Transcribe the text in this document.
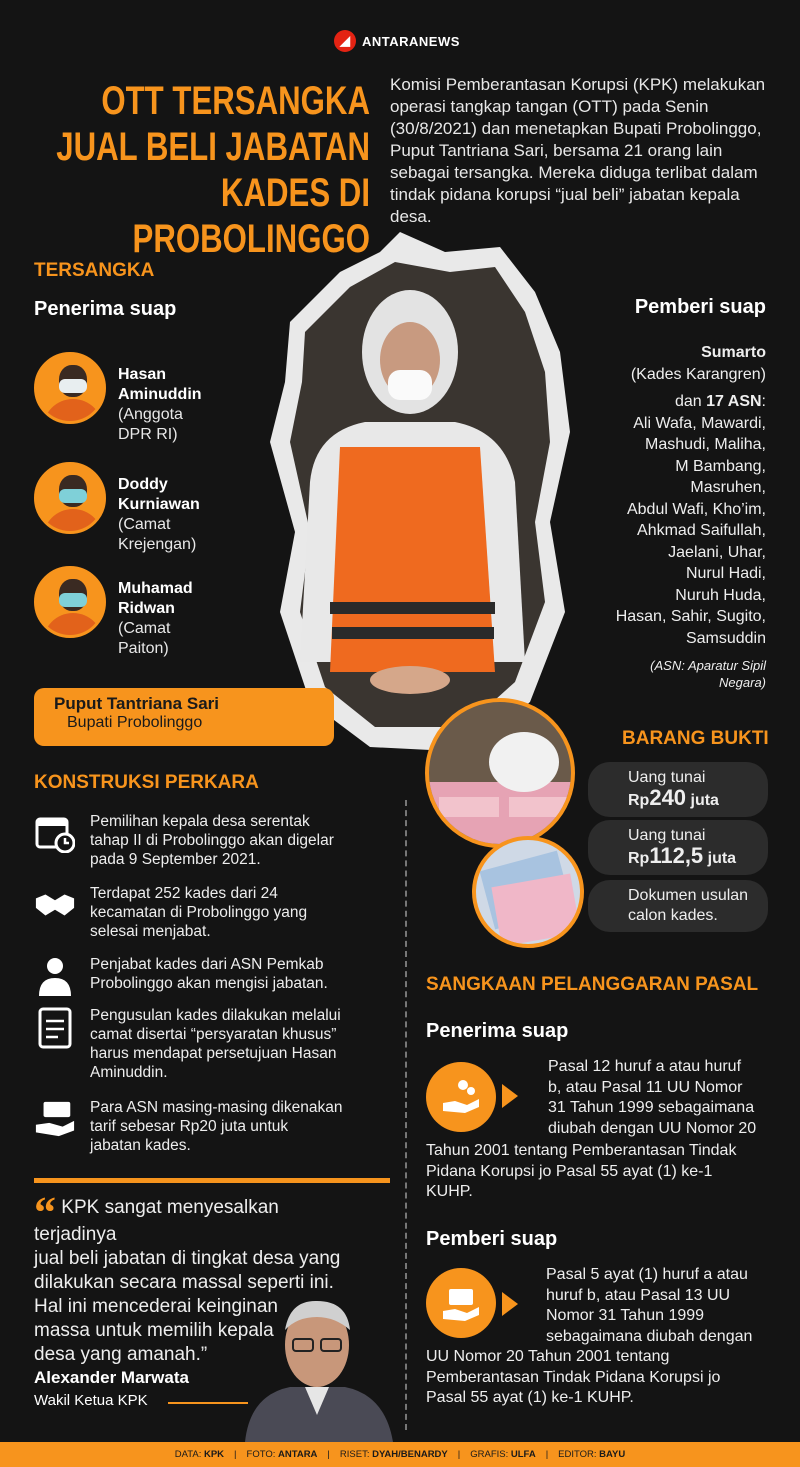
◢ ANTARANEWS
OTT TERSANGKA
JUAL BELI JABATAN
KADES DI PROBOLINGGO
Komisi Pemberantasan Korupsi (KPK) melakukan operasi tangkap tangan (OTT) pada Senin (30/8/2021) dan menetapkan Bupati Probolinggo, Puput Tantriana Sari, bersama 21 orang lain sebagai tersangka. Mereka diduga terlibat dalam tindak pidana korupsi “jual beli” jabatan kepala desa.
TERSANGKA
Penerima suap
Hasan
Aminuddin
(Anggota
DPR RI)
Doddy
Kurniawan
(Camat
Krejengan)
Muhamad
Ridwan
(Camat
Paiton)
Puput Tantriana Sari
Bupati Probolinggo
Pemberi suap
Sumarto
(Kades Karangren)
dan 17 ASN:
Ali Wafa, Mawardi,
Mashudi, Maliha,
M Bambang,
Masruhen,
Abdul Wafi, Kho’im,
Ahkmad Saifullah,
Jaelani, Uhar,
Nurul Hadi,
Nuruh Huda,
Hasan, Sahir, Sugito,
Samsuddin
(ASN: Aparatur Sipil
Negara)
KONSTRUKSI PERKARA
Pemilihan kepala desa serentak
tahap II di Probolinggo akan digelar
pada 9 September 2021.
Terdapat 252 kades dari 24
kecamatan di Probolinggo yang
selesai menjabat.
Penjabat kades dari ASN Pemkab
Probolinggo akan mengisi jabatan.
Pengusulan kades dilakukan melalui
camat disertai “persyaratan khusus”
harus mendapat persetujuan Hasan
Aminuddin.
Para ASN masing-masing dikenakan
tarif sebesar Rp20 juta untuk
jabatan kades.
BARANG BUKTI
Uang tunai
Rp240 juta
Uang tunai
Rp112,5 juta
Dokumen usulan
calon kades.
SANGKAAN PELANGGARAN PASAL
Penerima suap
Pasal 12 huruf a atau huruf
b, atau Pasal 11 UU Nomor
31 Tahun 1999 sebagaimana
diubah dengan UU Nomor 20
Tahun 2001 tentang Pemberantasan Tindak
Pidana Korupsi jo Pasal 55 ayat (1) ke-1
KUHP.
Pemberi suap
Pasal 5 ayat (1) huruf a atau
huruf b, atau Pasal 13 UU
Nomor 31 Tahun 1999
sebagaimana diubah dengan
UU Nomor 20 Tahun 2001 tentang
Pemberantasan Tindak Pidana Korupsi jo
Pasal 55 ayat (1) ke-1 KUHP.
“ KPK sangat menyesalkan terjadinya
jual beli jabatan di tingkat desa yang
dilakukan secara massal seperti ini.
Hal ini mencederai keinginan
massa untuk memilih kepala
desa yang amanah.”
Alexander Marwata
Wakil Ketua KPK
DATA: KPK | FOTO: ANTARA | RISET: DYAH/BENARDY | GRAFIS: ULFA | EDITOR: BAYU
